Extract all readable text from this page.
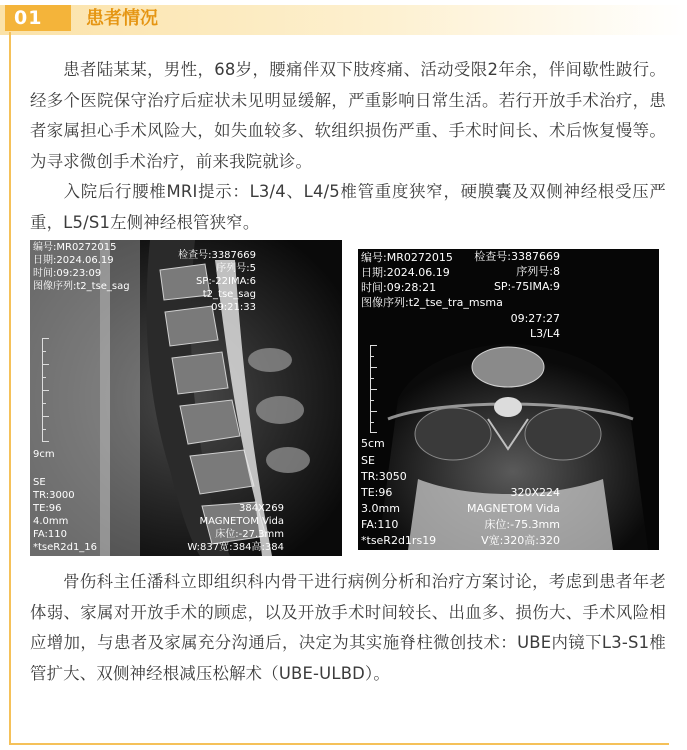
01	患者情况

患者陆某某，男性，68岁，腰痛伴双下肢疼痛、活动受限2年余，伴间歇性跛行。经多个医院保守治疗后症状未见明显缓解，严重影响日常生活。若行开放手术治疗，患者家属担心手术风险大，如失血较多、软组织损伤严重、手术时间长、术后恢复慢等。为寻求微创手术治疗，前来我院就诊。

入院后行腰椎MRI提示：L3/4、L4/5椎管重度狭窄，硬膜囊及双侧神经根受压严重，L5/S1左侧神经根管狭窄。

编号:MR0272015
日期:2024.06.19
时间:09:23:09
图像序列:t2_tse_sag
检查号:3387669
序列号:5
SP:-22IMA:6
t2_tse_sag
09:21:33
9cm
SE
TR:3000
TE:96
4.0mm
FA:110
*tseR2d1_16
384X269
MAGNETOM Vida
床位:-27.3mm
W:837宽:384高:384
编号:MR0272015
日期:2024.06.19
时间:09:28:21
图像序列:t2_tse_tra_msma
检查号:3387669
序列号:8
SP:-75IMA:9
09:27:27
L3/L4
5cm
SE
TR:3050
TE:96
3.0mm
FA:110
*tseR2d1rs19
320X224
MAGNETOM Vida
床位:-75.3mm
V宽:320高:320

骨伤科主任潘科立即组织科内骨干进行病例分析和治疗方案讨论，考虑到患者年老体弱、家属对开放手术的顾虑，以及开放手术时间较长、出血多、损伤大、手术风险相应增加，与患者及家属充分沟通后，决定为其实施脊柱微创技术：UBE内镜下L3-S1椎管扩大、双侧神经根减压松解术（UBE-ULBD）。
